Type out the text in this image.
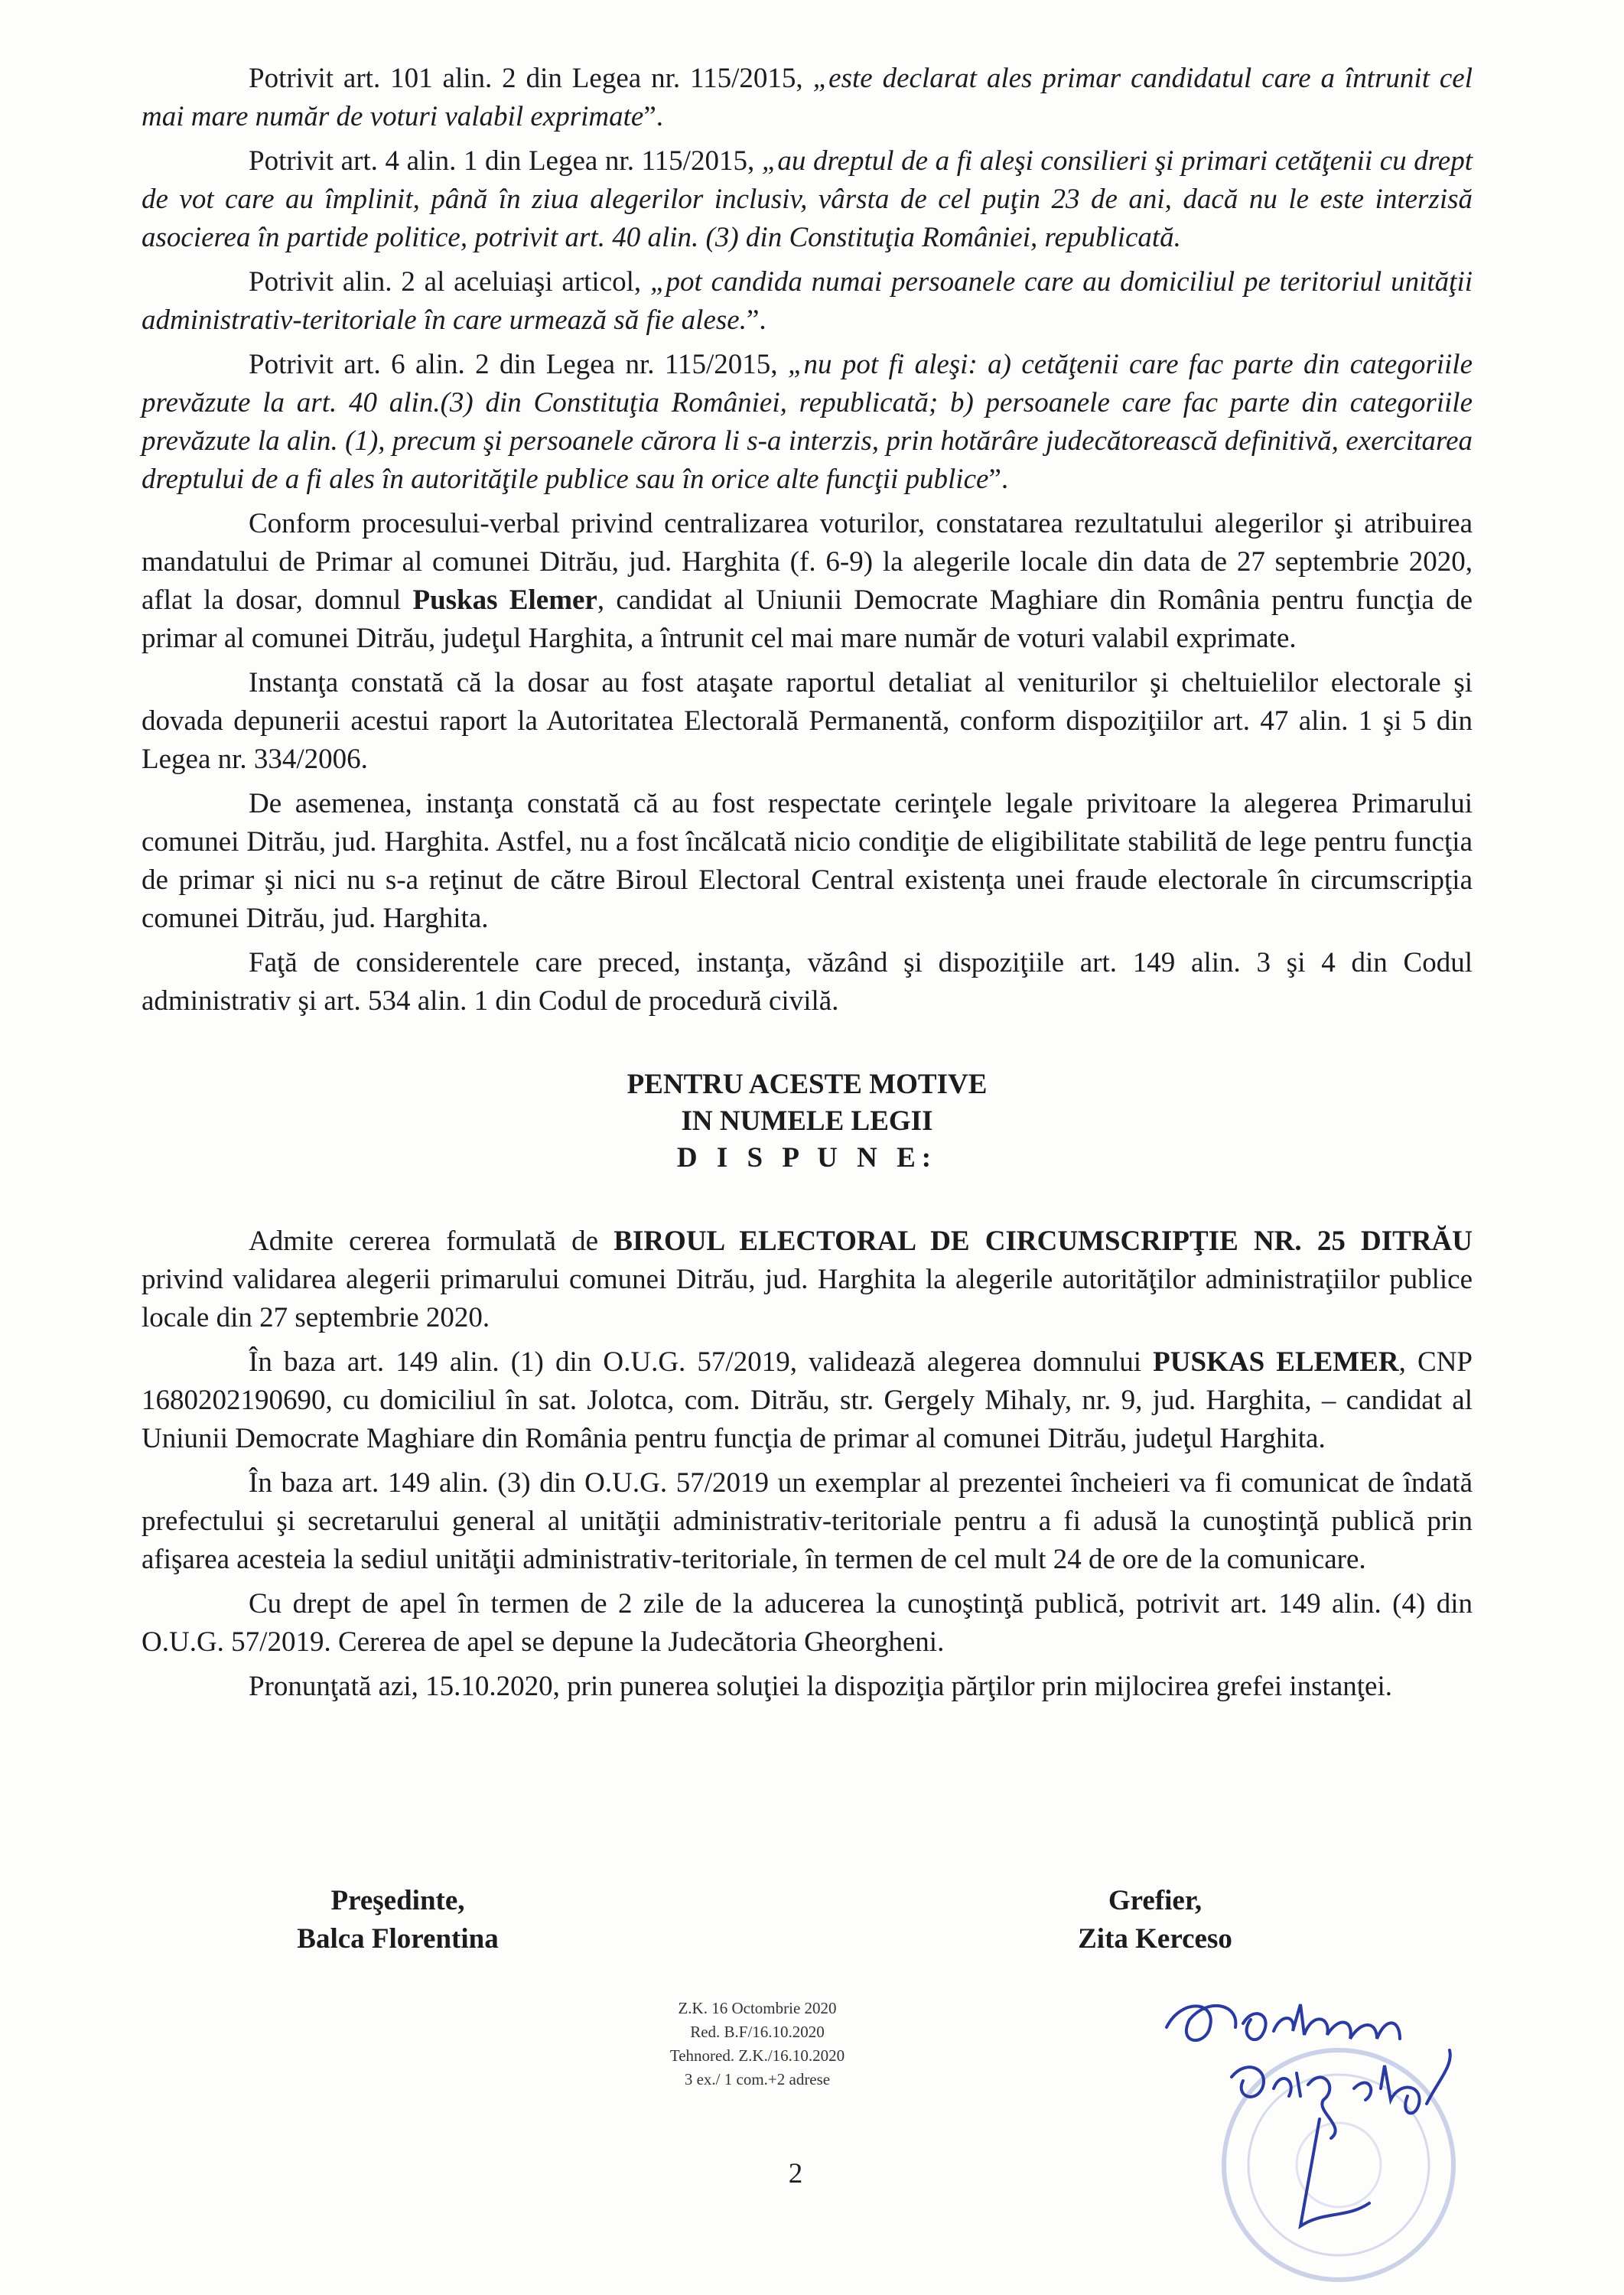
Potrivit art. 101 alin. 2 din Legea nr. 115/2015, „este declarat ales primar candidatul care a întrunit cel mai mare număr de voturi valabil exprimate”.

Potrivit art. 4 alin. 1 din Legea nr. 115/2015, „au dreptul de a fi aleşi consilieri şi primari cetăţenii cu drept de vot care au împlinit, până în ziua alegerilor inclusiv, vârsta de cel puţin 23 de ani, dacă nu le este interzisă asocierea în partide politice, potrivit art. 40 alin. (3) din Constituţia României, republicată.

Potrivit alin. 2 al aceluiaşi articol, „pot candida numai persoanele care au domiciliul pe teritoriul unităţii administrativ-teritoriale în care urmează să fie alese.”.

Potrivit art. 6 alin. 2 din Legea nr. 115/2015, „nu pot fi aleşi: a) cetăţenii care fac parte din categoriile prevăzute la art. 40 alin.(3) din Constituţia României, republicată; b) persoanele care fac parte din categoriile prevăzute la alin. (1), precum şi persoanele cărora li s-a interzis, prin hotărâre judecătorească definitivă, exercitarea dreptului de a fi ales în autorităţile publice sau în orice alte funcţii publice”.

Conform procesului-verbal privind centralizarea voturilor, constatarea rezultatului alegerilor şi atribuirea mandatului de Primar al comunei Ditrău, jud. Harghita (f. 6-9) la alegerile locale din data de 27 septembrie 2020, aflat la dosar, domnul Puskas Elemer, candidat al Uniunii Democrate Maghiare din România pentru funcţia de primar al comunei Ditrău, judeţul Harghita, a întrunit cel mai mare număr de voturi valabil exprimate.

Instanţa constată că la dosar au fost ataşate raportul detaliat al veniturilor şi cheltuielilor electorale şi dovada depunerii acestui raport la Autoritatea Electorală Permanentă, conform dispoziţiilor art. 47 alin. 1 şi 5 din Legea nr. 334/2006.

De asemenea, instanţa constată că au fost respectate cerinţele legale privitoare la alegerea Primarului comunei Ditrău, jud. Harghita. Astfel, nu a fost încălcată nicio condiţie de eligibilitate stabilită de lege pentru funcţia de primar şi nici nu s-a reţinut de către Biroul Electoral Central existenţa unei fraude electorale în circumscripţia comunei Ditrău, jud. Harghita.

Faţă de considerentele care preced, instanţa, văzând şi dispoziţiile art. 149 alin. 3 şi 4 din Codul administrativ şi art. 534 alin. 1 din Codul de procedură civilă.

PENTRU ACESTE MOTIVE
IN NUMELE LEGII
D I S P U N E:

Admite cererea formulată de BIROUL ELECTORAL DE CIRCUMSCRIPŢIE NR. 25 DITRĂU privind validarea alegerii primarului comunei Ditrău, jud. Harghita la alegerile autorităţilor administraţiilor publice locale din 27 septembrie 2020.

În baza art. 149 alin. (1) din O.U.G. 57/2019, validează alegerea domnului PUSKAS ELEMER, CNP 1680202190690, cu domiciliul în sat. Jolotca, com. Ditrău, str. Gergely Mihaly, nr. 9, jud. Harghita, – candidat al Uniunii Democrate Maghiare din România pentru funcţia de primar al comunei Ditrău, judeţul Harghita.

În baza art. 149 alin. (3) din O.U.G. 57/2019 un exemplar al prezentei încheieri va fi comunicat de îndată prefectului şi secretarului general al unităţii administrativ-teritoriale pentru a fi adusă la cunoştinţă publică prin afişarea acesteia la sediul unităţii administrativ-teritoriale, în termen de cel mult 24 de ore de la comunicare.

Cu drept de apel în termen de 2 zile de la aducerea la cunoştinţă publică, potrivit art. 149 alin. (4) din O.U.G. 57/2019. Cererea de apel se depune la Judecătoria Gheorgheni.

Pronunţată azi, 15.10.2020, prin punerea soluţiei la dispoziţia părţilor prin mijlocirea grefei instanţei.

Preşedinte,
Balca Florentina
Grefier,
Zita Kerceso
Z.K. 16 Octombrie 2020
Red. B.F/16.10.2020
Tehnored. Z.K./16.10.2020
3 ex./ 1 com.+2 adrese
2
